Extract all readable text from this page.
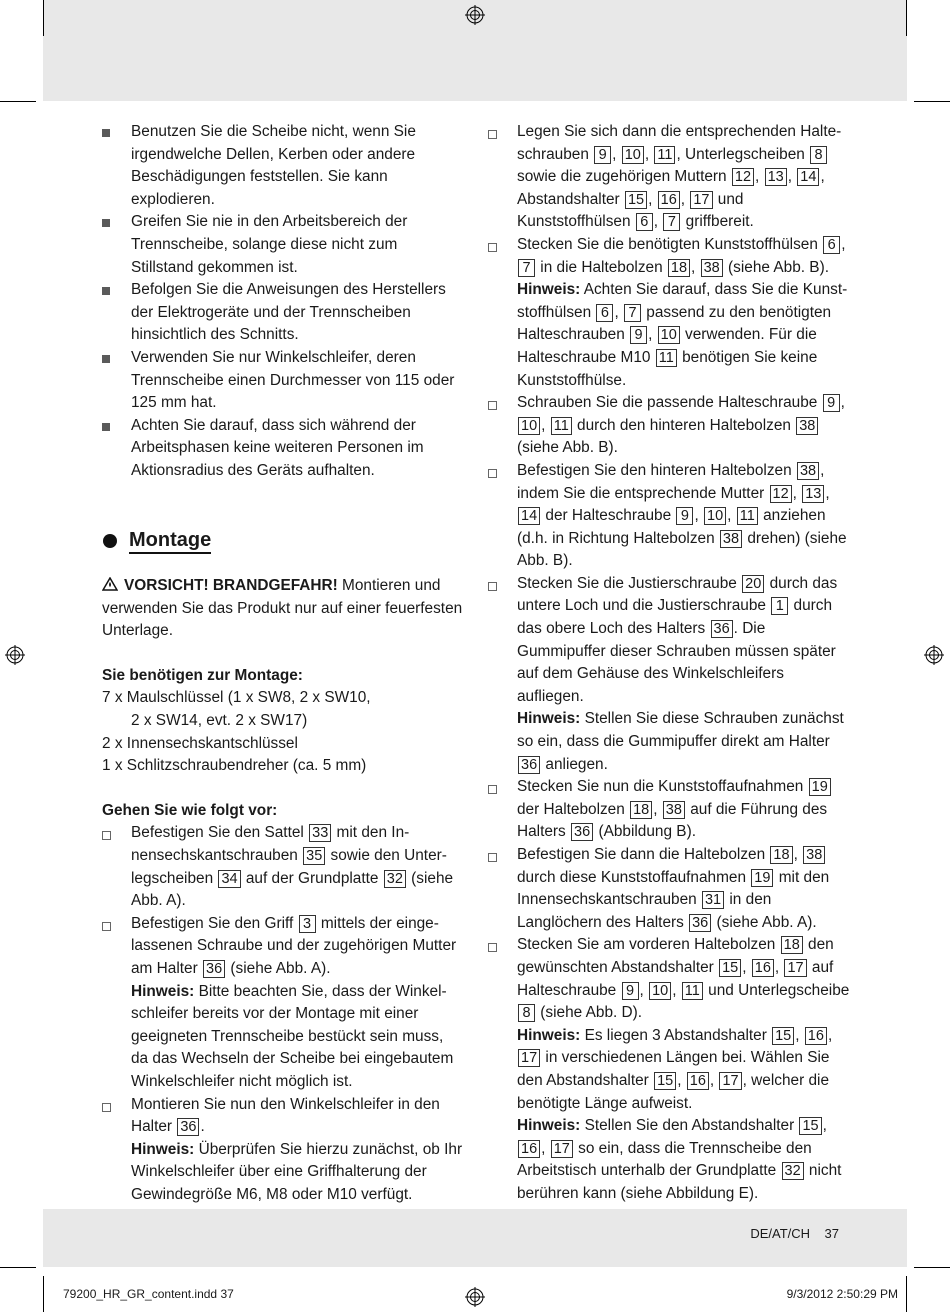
Benutzen Sie die Scheibe nicht, wenn Sie irgendwelche Dellen, Kerben oder andere Beschädigungen feststellen. Sie kann explodieren.
Greifen Sie nie in den Arbeitsbereich der Trennscheibe, solange diese nicht zum Stillstand gekommen ist.
Befolgen Sie die Anweisungen des Herstellers der Elektrogeräte und der Trennscheiben hinsichtlich des Schnitts.
Verwenden Sie nur Winkelschleifer, deren Trennscheibe einen Durchmesser von 115 oder 125 mm hat.
Achten Sie darauf, dass sich während der Arbeitsphasen keine weiteren Personen im Aktionsradius des Geräts aufhalten.
Montage
VORSICHT! BRANDGEFAHR! Montieren und verwenden Sie das Produkt nur auf einer feuerfesten Unterlage.
Sie benötigen zur Montage:
7 x Maulschlüssel (1 x SW8, 2 x SW10,
2 x SW14, evt. 2 x SW17)
2 x Innensechskantschlüssel
1 x Schlitzschraubendreher (ca. 5 mm)
Gehen Sie wie folgt vor:
Befestigen Sie den Sattel 33 mit den Innensechskantschrauben 35 sowie den Unterlegscheiben 34 auf der Grundplatte 32 (siehe Abb. A).
Befestigen Sie den Griff 3 mittels der eingelassenen Schraube und der zugehörigen Mutter am Halter 36 (siehe Abb. A).
Hinweis: Bitte beachten Sie, dass der Winkelschleifer bereits vor der Montage mit einer geeigneten Trennscheibe bestückt sein muss, da das Wechseln der Scheibe bei eingebautem Winkelschleifer nicht möglich ist.
Montieren Sie nun den Winkelschleifer in den Halter 36 .
Hinweis: Überprüfen Sie hierzu zunächst, ob Ihr Winkelschleifer über eine Griffhalterung der Gewindegröße M6, M8 oder M10 verfügt.
Legen Sie sich dann die entsprechenden Halteschrauben 9 , 10 , 11 , Unterlegscheiben 8 sowie die zugehörigen Muttern 12 , 13 , 14 , Abstandshalter 15 , 16 , 17 und Kunststoffhülsen 6 , 7 griffbereit.
Stecken Sie die benötigten Kunststoffhülsen 6 , 7 in die Haltebolzen 18 , 38 (siehe Abb. B).
Hinweis: Achten Sie darauf, dass Sie die Kunststoffhülsen 6 , 7 passend zu den benötigten Halteschrauben 9 , 10 verwenden. Für die Halteschraube M10 11 benötigen Sie keine Kunststoffhülse.
Schrauben Sie die passende Halteschraube 9 , 10 , 11 durch den hinteren Haltebolzen 38 (siehe Abb. B).
Befestigen Sie den hinteren Haltebolzen 38 , indem Sie die entsprechende Mutter 12 , 13 , 14 der Halteschraube 9 , 10 , 11 anziehen (d.h. in Richtung Haltebolzen 38 drehen) (siehe Abb. B).
Stecken Sie die Justierschraube 20 durch das untere Loch und die Justierschraube 1 durch das obere Loch des Halters 36 . Die Gummipuffer dieser Schrauben müssen später auf dem Gehäuse des Winkelschleifers aufliegen.
Hinweis: Stellen Sie diese Schrauben zunächst so ein, dass die Gummipuffer direkt am Halter 36 anliegen.
Stecken Sie nun die Kunststoffaufnahmen 19 der Haltebolzen 18 , 38 auf die Führung des Halters 36 (Abbildung B).
Befestigen Sie dann die Haltebolzen 18 , 38 durch diese Kunststoffaufnahmen 19 mit den Innensechskantschrauben 31 in den Langlöchern des Halters 36 (siehe Abb. A).
Stecken Sie am vorderen Haltebolzen 18 den gewünschten Abstandshalter 15 , 16 , 17 auf Halteschraube 9 , 10 , 11 und Unterlegscheibe 8 (siehe Abb. D).
Hinweis: Es liegen 3 Abstandshalter 15 , 16 , 17 in verschiedenen Längen bei. Wählen Sie den Abstandshalter 15 , 16 , 17 , welcher die benötigte Länge aufweist.
Hinweis: Stellen Sie den Abstandshalter 15 , 16 , 17 so ein, dass die Trennscheibe den Arbeitstisch unterhalb der Grundplatte 32 nicht berühren kann (siehe Abbildung E).
DE/AT/CH 37
79200_HR_GR_content.indd 37	9/3/2012 2:50:29 PM
